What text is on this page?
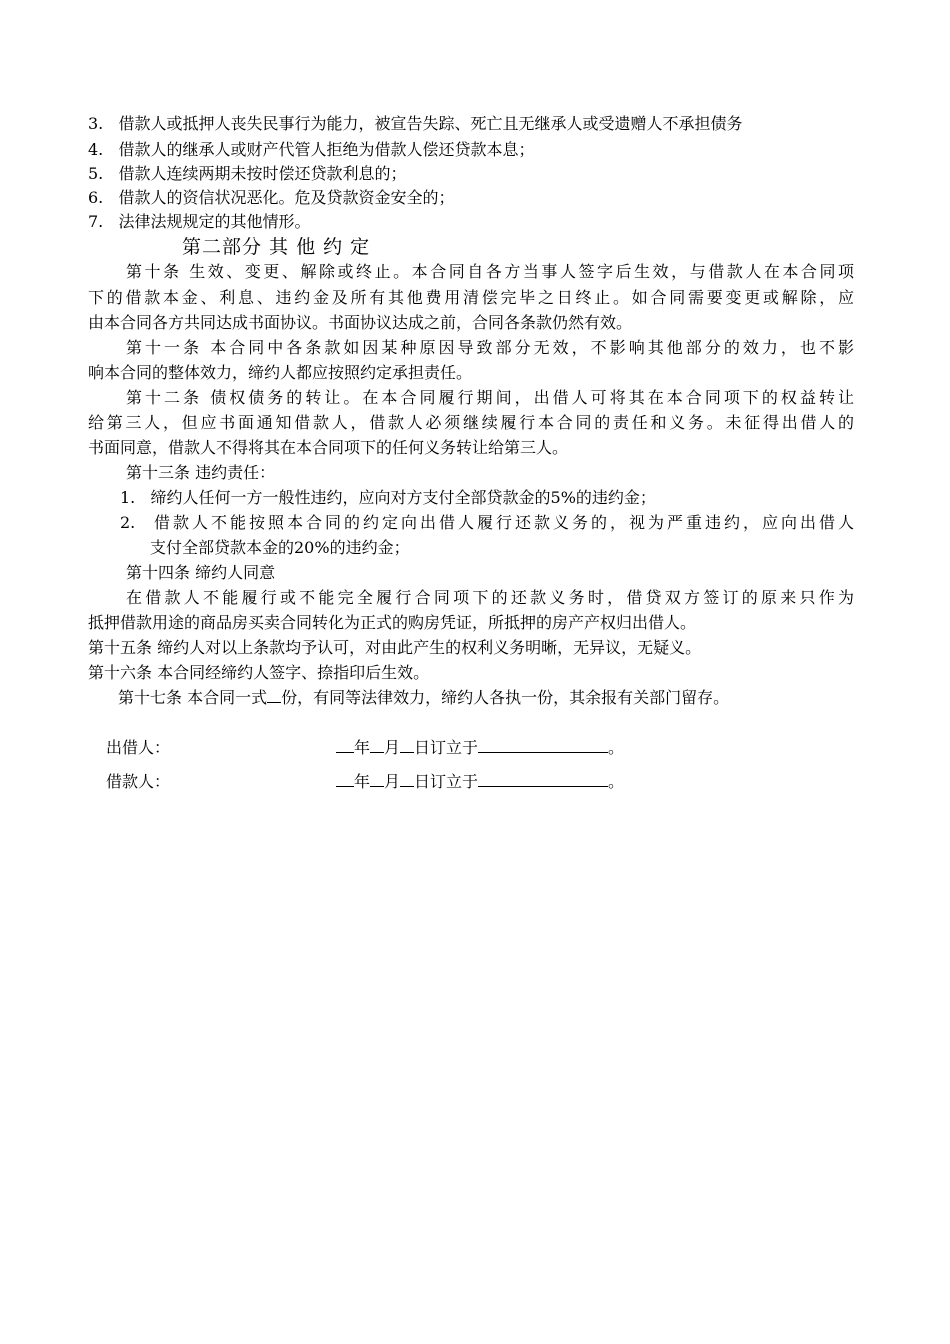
3. 借款人或抵押人丧失民事行为能力，被宣告失踪、死亡且无继承人或受遗赠人不承担债务
4. 借款人的继承人或财产代管人拒绝为借款人偿还贷款本息；
5. 借款人连续两期未按时偿还贷款利息的；
6. 借款人的资信状况恶化。危及贷款资金安全的；
7. 法律法规规定的其他情形。
第二部分 其 他 约 定
第十条 生效、变更、解除或终止。本合同自各方当事人签字后生效，与借款人在本合同项
下的借款本金、利息、违约金及所有其他费用清偿完毕之日终止。如合同需要变更或解除，应
由本合同各方共同达成书面协议。书面协议达成之前，合同各条款仍然有效。
第十一条 本合同中各条款如因某种原因导致部分无效，不影响其他部分的效力，也不影
响本合同的整体效力，缔约人都应按照约定承担责任。
第十二条 债权债务的转让。在本合同履行期间，出借人可将其在本合同项下的权益转让
给第三人，但应书面通知借款人，借款人必须继续履行本合同的责任和义务。未征得出借人的
书面同意，借款人不得将其在本合同项下的任何义务转让给第三人。
第十三条 违约责任：
1. 缔约人任何一方一般性违约，应向对方支付全部贷款金的5%的违约金；
2. 借款人不能按照本合同的约定向出借人履行还款义务的，视为严重违约，应向出借人
支付全部贷款本金的20%的违约金；
第十四条 缔约人同意
在借款人不能履行或不能完全履行合同项下的还款义务时，借贷双方签订的原来只作为
抵押借款用途的商品房买卖合同转化为正式的购房凭证，所抵押的房产产权归出借人。
第十五条 缔约人对以上条款均予认可，对由此产生的权利义务明晰，无异议，无疑义。
第十六条 本合同经缔约人签字、捺指印后生效。
第十七条 本合同一式 份，有同等法律效力，缔约人各执一份，其余报有关部门留存。
出借人：	年 月 日订立于	。
借款人：	年 月 日订立于	。
